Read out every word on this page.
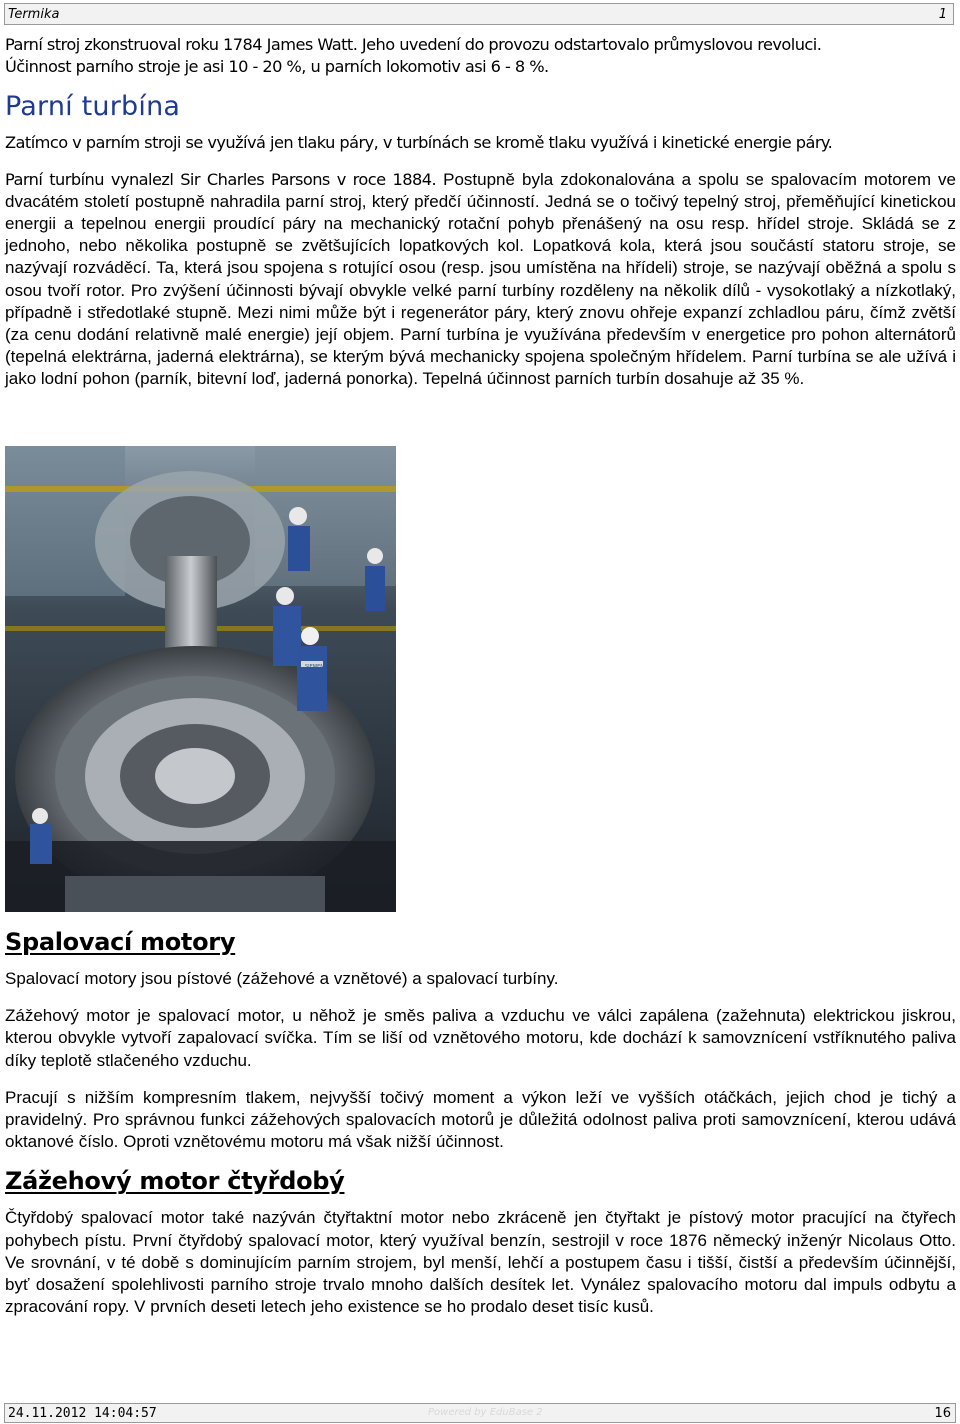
Termika	1

Parní stroj zkonstruoval roku 1784 James Watt. Jeho uvedení do provozu odstartovalo průmyslovou revoluci.

Účinnost parního stroje je asi 10 - 20 %, u parních lokomotiv asi 6 - 8 %.

Parní turbína

Zatímco v parním stroji se využívá jen tlaku páry, v turbínách se kromě tlaku využívá i kinetické energie páry.

Parní turbínu vynalezl Sir Charles Parsons v roce 1884. Postupně byla zdokonalována a spolu se spalovacím motorem ve dvacátém století postupně nahradila parní stroj, který předčí účinností. Jedná se o točivý tepelný stroj, přeměňující kinetickou energii a tepelnou energii proudící páry na mechanický rotační pohyb přenášený na osu resp. hřídel stroje. Skládá se z jednoho, nebo několika postupně se zvětšujících lopatkových kol. Lopatková kola, která jsou součástí statoru stroje, se nazývají rozváděcí. Ta, která jsou spojena s rotující osou (resp. jsou umístěna na hřídeli) stroje, se nazývají oběžná a spolu s osou tvoří rotor. Pro zvýšení účinnosti bývají obvykle velké parní turbíny rozděleny na několik dílů - vysokotlaký a nízkotlaký, případně i středotlaké stupně. Mezi nimi může být i regenerátor páry, který znovu ohřeje expanzí zchladlou páru, čímž zvětší (za cenu dodání relativně malé energie) její objem. Parní turbína je využívána především v energetice pro pohon alternátorů (tepelná elektrárna, jaderná elektrárna), se kterým bývá mechanicky spojena společným hřídelem. Parní turbína se ale užívá i jako lodní pohon (parník, bitevní loď, jaderná ponorka). Tepelná účinnost parních turbín dosahuje až 35 %.

SIEMENS
Spalovací motory

Spalovací motory jsou pístové (zážehové a vznětové) a spalovací turbíny.

Zážehový motor je spalovací motor, u něhož je směs paliva a vzduchu ve válci zapálena (zažehnuta) elektrickou jiskrou, kterou obvykle vytvoří zapalovací svíčka. Tím se liší od vznětového motoru, kde dochází k samovznícení vstříknutého paliva díky teplotě stlačeného vzduchu.

Pracují s nižším kompresním tlakem, nejvyšší točivý moment a výkon leží ve vyšších otáčkách, jejich chod je tichý a pravidelný. Pro správnou funkci zážehových spalovacích motorů je důležitá odolnost paliva proti samovznícení, kterou udává oktanové číslo. Oproti vznětovému motoru má však nižší účinnost.

Zážehový motor čtyřdobý

Čtyřdobý spalovací motor také nazýván čtyřtaktní motor nebo zkráceně jen čtyřtakt je pístový motor pracující na čtyřech pohybech pístu. První čtyřdobý spalovací motor, který využíval benzín, sestrojil v roce 1876 německý inženýr Nicolaus Otto. Ve srovnání, v té době s dominujícím parním strojem, byl menší, lehčí a postupem času i tišší, čistší a především účinnější, byť dosažení spolehlivosti parního stroje trvalo mnoho dalších desítek let. Vynález spalovacího motoru dal impuls odbytu a zpracování ropy. V prvních deseti letech jeho existence se ho prodalo deset tisíc kusů.

24.11.2012 14:04:57	Powered by EduBase 2	16
